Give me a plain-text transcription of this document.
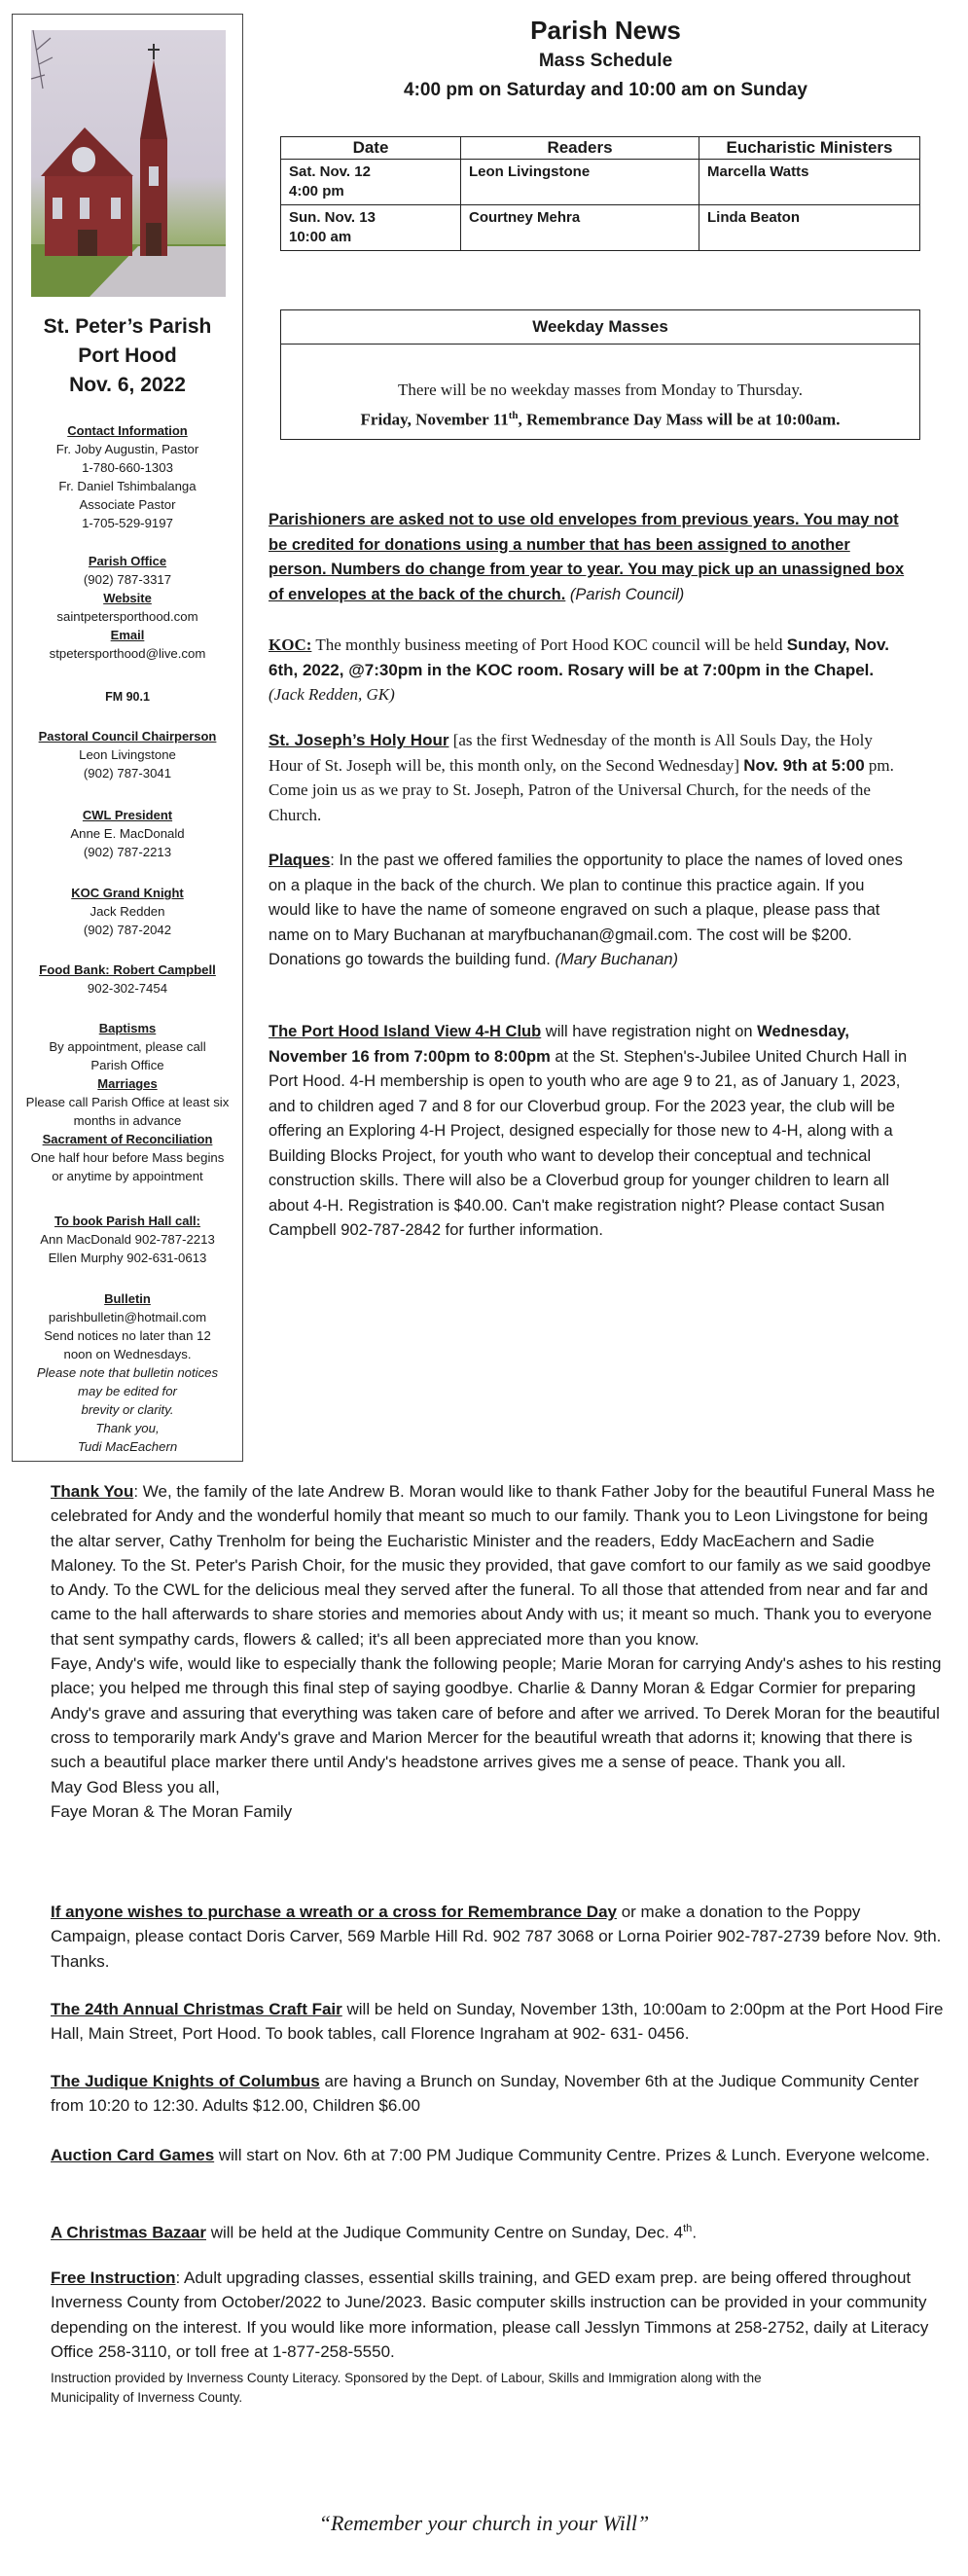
St. Peter’s Parish
Port Hood
Nov. 6, 2022
Contact Information
Fr. Joby Augustin, Pastor
1-780-660-1303
Fr. Daniel Tshimbalanga
Associate Pastor
1-705-529-9197
Parish Office
(902) 787-3317
Website
saintpetersporthood.com
Email
stpetersporthood@live.com
FM 90.1
Pastoral Council Chairperson
Leon Livingstone
(902) 787-3041
CWL President
Anne E. MacDonald
(902) 787-2213
KOC Grand Knight
Jack Redden
(902) 787-2042
Food Bank: Robert Campbell
902-302-7454
Baptisms
By appointment, please call
Parish Office
Marriages
Please call Parish Office at least six
months in advance
Sacrament of Reconciliation
One half hour before Mass begins
or anytime by appointment
To book Parish Hall call:
Ann MacDonald 902-787-2213
Ellen Murphy 902-631-0613
Bulletin
parishbulletin@hotmail.com
Send notices no later than 12
noon on Wednesdays.
Please note that bulletin notices
may be edited for
brevity or clarity.
Thank you,
Tudi MacEachern
Parish News
Mass Schedule
4:00 pm on Saturday and 10:00 am on Sunday
Date	Readers	Eucharistic Ministers

Sat. Nov. 12
4:00 pm	Leon Livingstone	Marcella Watts

Sun. Nov. 13
10:00 am	Courtney Mehra	Linda Beaton
Weekday Masses
There will be no weekday masses from Monday to Thursday.
Friday, November 11th, Remembrance Day Mass will be at 10:00am.

Parishioners are asked not to use old envelopes from previous years. You may not be credited for donations using a number that has been assigned to another person. Numbers do change from year to year. You may pick up an unassigned box of envelopes at the back of the church. (Parish Council)

KOC: The monthly business meeting of Port Hood KOC council will be held Sunday, Nov. 6th, 2022, @7:30pm in the KOC room. Rosary will be at 7:00pm in the Chapel. (Jack Redden, GK)

St. Joseph’s Holy Hour [as the first Wednesday of the month is All Souls Day, the Holy Hour of St. Joseph will be, this month only, on the Second Wednesday] Nov. 9th at 5:00 pm. Come join us as we pray to St. Joseph, Patron of the Universal Church, for the needs of the Church.

Plaques: In the past we offered families the opportunity to place the names of loved ones on a plaque in the back of the church. We plan to continue this practice again. If you would like to have the name of someone engraved on such a plaque, please pass that name on to Mary Buchanan at maryfbuchanan@gmail.com. The cost will be $200. Donations go towards the building fund. (Mary Buchanan)

The Port Hood Island View 4-H Club will have registration night on Wednesday, November 16 from 7:00pm to 8:00pm at the St. Stephen's-Jubilee United Church Hall in Port Hood. 4-H membership is open to youth who are age 9 to 21, as of January 1, 2023, and to children aged 7 and 8 for our Cloverbud group. For the 2023 year, the club will be offering an Exploring 4-H Project, designed especially for those new to 4-H, along with a Building Blocks Project, for youth who want to develop their conceptual and technical construction skills. There will also be a Cloverbud group for younger children to learn all about 4-H. Registration is $40.00. Can't make registration night? Please contact Susan Campbell 902-787-2842 for further information.

Thank You: We, the family of the late Andrew B. Moran would like to thank Father Joby for the beautiful Funeral Mass he celebrated for Andy and the wonderful homily that meant so much to our family. Thank you to Leon Livingstone for being the altar server, Cathy Trenholm for being the Eucharistic Minister and the readers, Eddy MacEachern and Sadie Maloney. To the St. Peter's Parish Choir, for the music they provided, that gave comfort to our family as we said goodbye to Andy. To the CWL for the delicious meal they served after the funeral. To all those that attended from near and far and came to the hall afterwards to share stories and memories about Andy with us; it meant so much. Thank you to everyone that sent sympathy cards, flowers & called; it's all been appreciated more than you know.
Faye, Andy's wife, would like to especially thank the following people; Marie Moran for carrying Andy's ashes to his resting place; you helped me through this final step of saying goodbye. Charlie & Danny Moran & Edgar Cormier for preparing Andy's grave and assuring that everything was taken care of before and after we arrived. To Derek Moran for the beautiful cross to temporarily mark Andy's grave and Marion Mercer for the beautiful wreath that adorns it; knowing that there is such a beautiful place marker there until Andy's headstone arrives gives me a sense of peace. Thank you all.
May God Bless you all,
Faye Moran & The Moran Family

If anyone wishes to purchase a wreath or a cross for Remembrance Day or make a donation to the Poppy Campaign, please contact Doris Carver, 569 Marble Hill Rd. 902 787 3068 or Lorna Poirier 902-787-2739 before Nov. 9th. Thanks.

The 24th Annual Christmas Craft Fair will be held on Sunday, November 13th, 10:00am to 2:00pm at the Port Hood Fire Hall, Main Street, Port Hood. To book tables, call Florence Ingraham at 902- 631- 0456.

The Judique Knights of Columbus are having a Brunch on Sunday, November 6th at the Judique Community Center from 10:20 to 12:30. Adults $12.00, Children $6.00

Auction Card Games will start on Nov. 6th at 7:00 PM Judique Community Centre. Prizes & Lunch. Everyone welcome.

A Christmas Bazaar will be held at the Judique Community Centre on Sunday, Dec. 4th.

Free Instruction: Adult upgrading classes, essential skills training, and GED exam prep. are being offered throughout Inverness County from October/2022 to June/2023. Basic computer skills instruction can be provided in your community depending on the interest. If you would like more information, please call Jesslyn Timmons at 258-2752, daily at Literacy Office 258-3110, or toll free at 1-877-258-5550.

Instruction provided by Inverness County Literacy. Sponsored by the Dept. of Labour, Skills and Immigration along with the Municipality of Inverness County.

“Remember your church in your Will”
